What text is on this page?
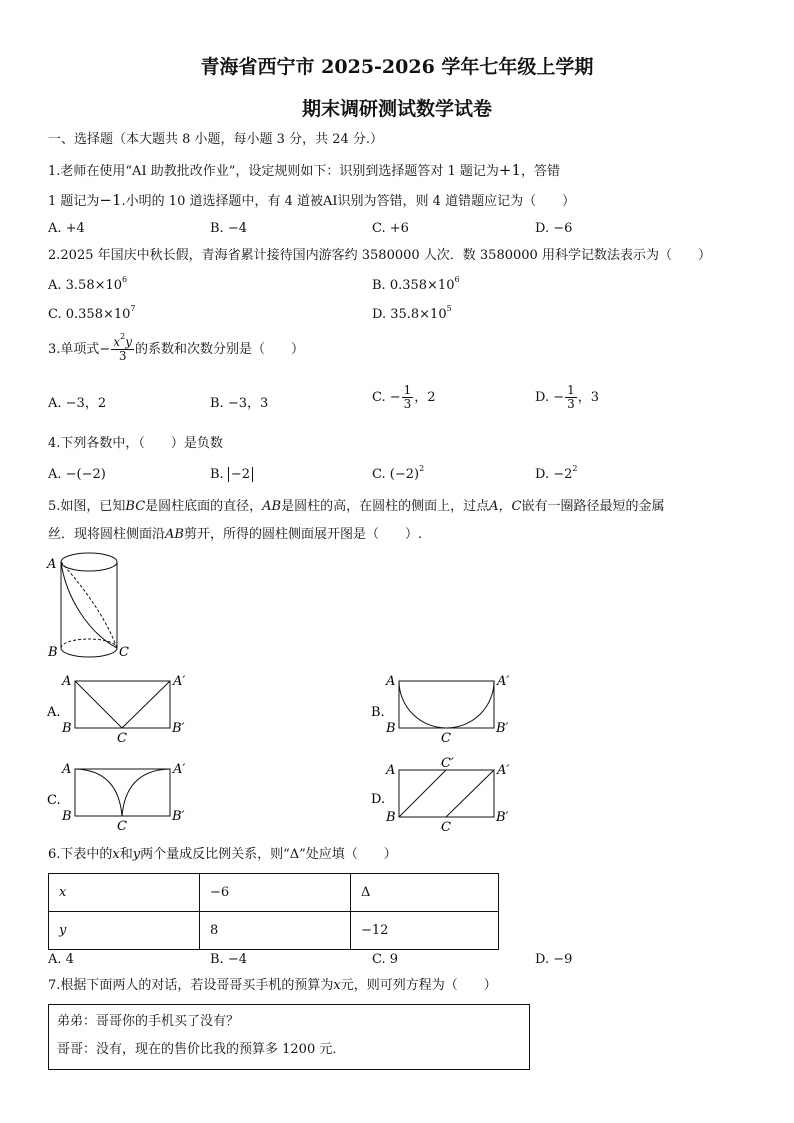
青海省西宁市 2025-2026 学年七年级上学期
期末调研测试数学试卷
一、选择题（本大题共 8 小题，每小题 3 分，共 24 分.）
1.老师在使用“AI 助教批改作业”，设定规则如下：识别到选择题答对 1 题记为+1，答错
1 题记为−1.小明的 10 道选择题中，有 4 道被AI识别为答错，则 4 道错题应记为（　　）
A. +4	B. −4	C. +6	D. −6
2.2025 年国庆中秋长假，青海省累计接待国内游客约 3580000 人次．数 3580000 用科学记数法表示为（　　）
A. $3.58\times 10^6$	B. $0.358\times 10^6$
C. $0.358\times 10^7$	D. $35.8\times 10^5$
3.单项式− $\frac{x^2y}{3}$ 的系数和次数分别是（　　）
A. −3，2	B. −3，3	C. − $\frac{1}{3}$ ，2	D. − $\frac{1}{3}$ ，3
4.下列各数中，（　　）是负数
A. −(−2)	B. −2	C. $(-2)^2$	D. $-2^2$
5.如图，已知BC是圆柱底面的直径，AB是圆柱的高，在圆柱的侧面上，过点A，C嵌有一圈路径最短的金属
丝．现将圆柱侧面沿AB剪开，所得的圆柱侧面展开图是（　　）.
A
B	C
A.
A	A′
B	B′
C
B.
A	A′
B	B′
C
C.
A	A′
B	B′
C
D.
A	A′
B	B′
C′
C
6.下表中的x和y两个量成反比例关系，则“Δ”处应填（　　）
x	−6	Δ
y	8	−12
A. 4	B. −4	C. 9	D. −9
7.根据下面两人的对话，若设哥哥买手机的预算为x元，则可列方程为（　　）
弟弟：哥哥你的手机买了没有？
哥哥：没有，现在的售价比我的预算多 1200 元．
